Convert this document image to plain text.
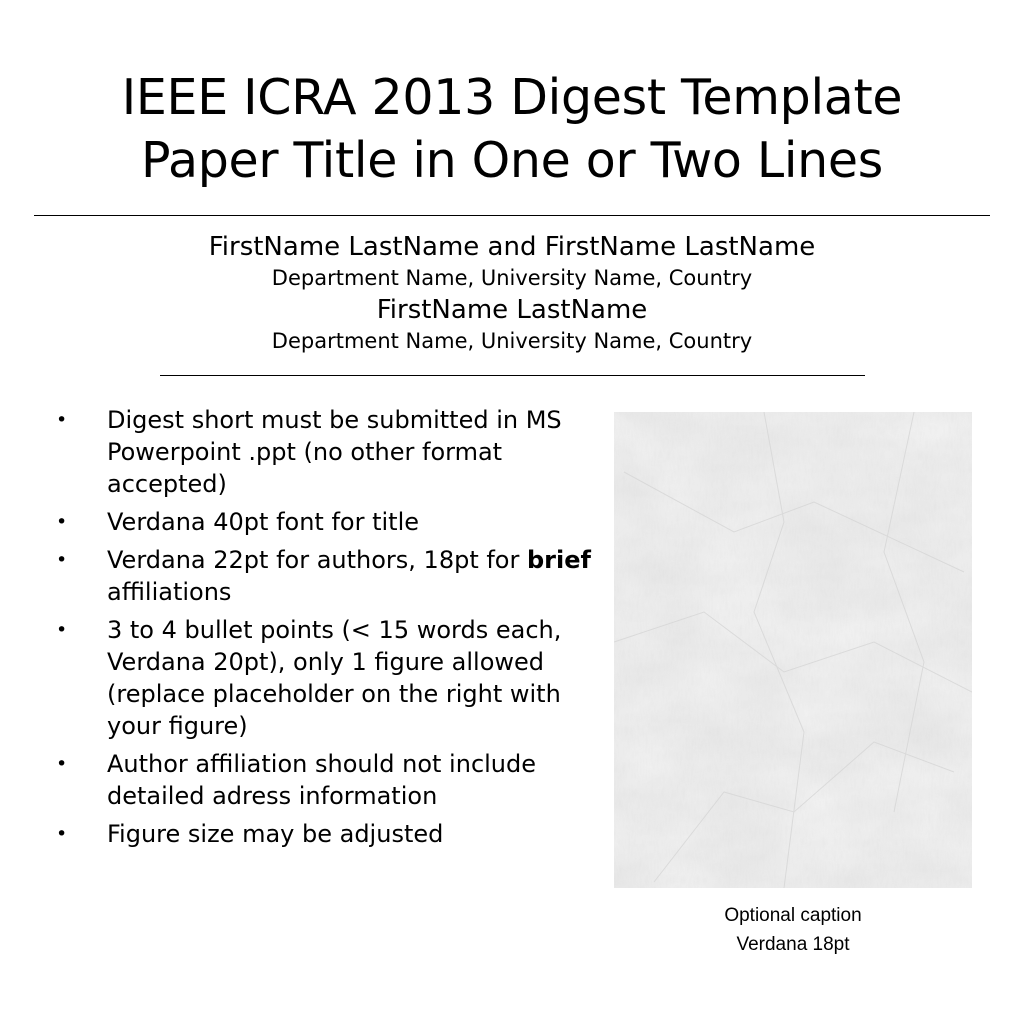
IEEE ICRA 2013 Digest Template
Paper Title in One or Two Lines
FirstName LastName and FirstName LastName
Department Name, University Name, Country
FirstName LastName
Department Name, University Name, Country
• Digest short must be submitted in MS Powerpoint .ppt (no other format accepted)
• Verdana 40pt font for title
• Verdana 22pt for authors, 18pt for brief affiliations
• 3 to 4 bullet points (< 15 words each, Verdana 20pt), only 1 figure allowed (replace placeholder on the right with your figure)
• Author affiliation should not include detailed adress information
• Figure size may be adjusted
Optional caption
Verdana 18pt
